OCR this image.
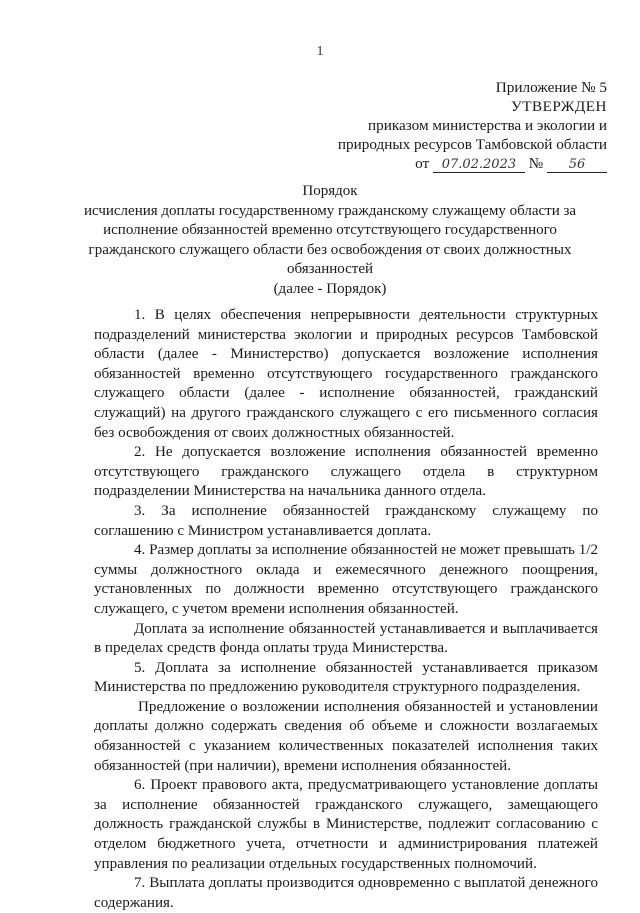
1
Приложение № 5
УТВЕРЖДЕН
приказом министерства и экологии и
природных ресурсов Тамбовской области
от 07.02.2023 № 56
Порядок
исчисления доплаты государственному гражданскому служащему области за
исполнение обязанностей временно отсутствующего государственного
гражданского служащего области без освобождения от своих должностных
обязанностей
(далее - Порядок)

1. В целях обеспечения непрерывности деятельности структурных подразделений министерства экологии и природных ресурсов Тамбовской области (далее - Министерство) допускается возложение исполнения обязанностей временно отсутствующего государственного гражданского служащего области (далее - исполнение обязанностей, гражданский служащий) на другого гражданского служащего с его письменного согласия без освобождения от своих должностных обязанностей.

2. Не допускается возложение исполнения обязанностей временно отсутствующего гражданского служащего отдела в структурном подразделении Министерства на начальника данного отдела.

3. За исполнение обязанностей гражданскому служащему по соглашению с Министром устанавливается доплата.

4. Размер доплаты за исполнение обязанностей не может превышать 1/2 суммы должностного оклада и ежемесячного денежного поощрения, установленных по должности временно отсутствующего гражданского служащего, с учетом времени исполнения обязанностей.

Доплата за исполнение обязанностей устанавливается и выплачивается в пределах средств фонда оплаты труда Министерства.

5. Доплата за исполнение обязанностей устанавливается приказом Министерства по предложению руководителя структурного подразделения.

Предложение о возложении исполнения обязанностей и установлении доплаты должно содержать сведения об объеме и сложности возлагаемых обязанностей с указанием количественных показателей исполнения таких обязанностей (при наличии), времени исполнения обязанностей.

6. Проект правового акта, предусматривающего установление доплаты за исполнение обязанностей гражданского служащего, замещающего должность гражданской службы в Министерстве, подлежит согласованию с отделом бюджетного учета, отчетности и администрирования платежей управления по реализации отдельных государственных полномочий.

7. Выплата доплаты производится одновременно с выплатой денежного содержания.
